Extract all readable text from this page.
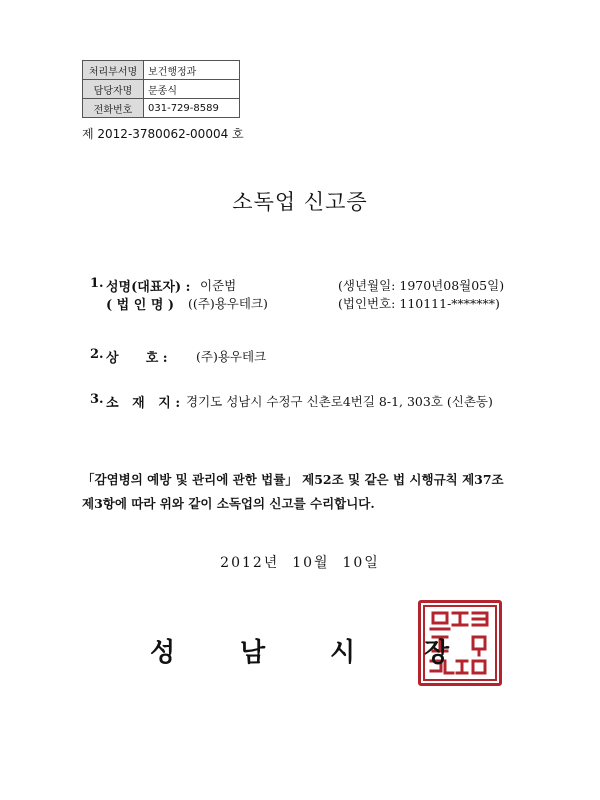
처리부서명	보건행정과
담당자명	문종식
전화번호	031-729-8589
제 2012-3780062-00004 호
소독업 신고증
1. 성명(대표자) : 이준범	(생년월일: 1970년08월05일)
( 법 인 명 ) ((주)용우테크)	(법인번호: 110111-*******)
2. 상      호 : (주)용우테크
3. 소   재   지 : 경기도 성남시 수정구 신촌로4번길 8-1, 303호 (신촌동)
「감염병의 예방 및 관리에 관한 법률」 제52조 및 같은 법 시행규칙 제37조
제3항에 따라 위와 같이 소독업의 신고를 수리합니다.
2012년  10월  10일
성 남 시	장
